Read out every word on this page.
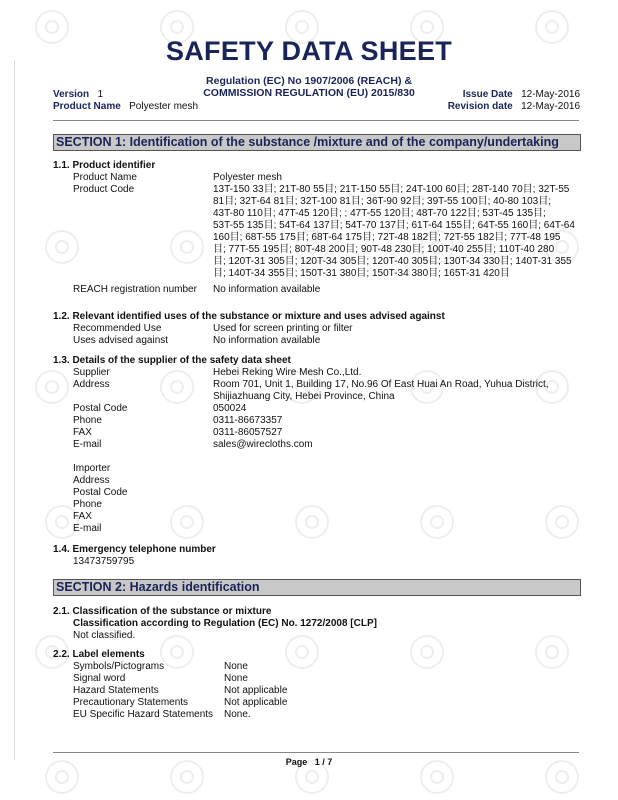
SAFETY DATA SHEET
Regulation (EC) No 1907/2006 (REACH) &
COMMISSION REGULATION (EU) 2015/830
Version 1
Product Name Polyester mesh
Issue Date 12-May-2016
Revision date 12-May-2016
SECTION 1: Identification of the substance /mixture and of the company/undertaking
1.1. Product identifier
Product Name	Polyester mesh
Product Code	13T-150 33目; 21T-80 55目; 21T-150 55目; 24T-100 60目; 28T-140 70目; 32T-55
81目; 32T-64 81目; 32T-100 81目; 36T-90 92目; 39T-55 100目; 40-80 103目;
43T-80 110目; 47T-45 120目; ; 47T-55 120目; 48T-70 122目; 53T-45 135目;
53T-55 135目; 54T-64 137目; 54T-70 137目; 61T-64 155目; 64T-55 160目; 64T-64
160目; 68T-55 175目; 68T-64 175目; 72T-48 182目; 72T-55 182目; 77T-48 195
目; 77T-55 195目; 80T-48 200目; 90T-48 230目; 100T-40 255目; 110T-40 280
目; 120T-31 305目; 120T-34 305目; 120T-40 305目; 130T-34 330目; 140T-31 355
目; 140T-34 355目; 150T-31 380目; 150T-34 380目; 165T-31 420目
REACH registration number No information available
1.2. Relevant identified uses of the substance or mixture and uses advised against
Recommended Use	Used for screen printing or filter
Uses advised against	No information available
1.3. Details of the supplier of the safety data sheet
Supplier	Hebei Reking Wire Mesh Co.,Ltd.
Address	Room 701, Unit 1, Building 17, No.96 Of East Huai An Road, Yuhua District,
Shijiazhuang City, Hebei Province, China
Postal Code	050024
Phone	0311-86673357
FAX	0311-86057527
E-mail	sales@wirecloths.com
Importer
Address
Postal Code
Phone
FAX
E-mail
1.4. Emergency telephone number
13473759795
SECTION 2: Hazards identification
2.1. Classification of the substance or mixture
Classification according to Regulation (EC) No. 1272/2008 [CLP]
Not classified.
2.2. Label elements
Symbols/Pictograms	None
Signal word	None
Hazard Statements	Not applicable
Precautionary Statements	Not applicable
EU Specific Hazard Statements None.
Page 1 / 7
